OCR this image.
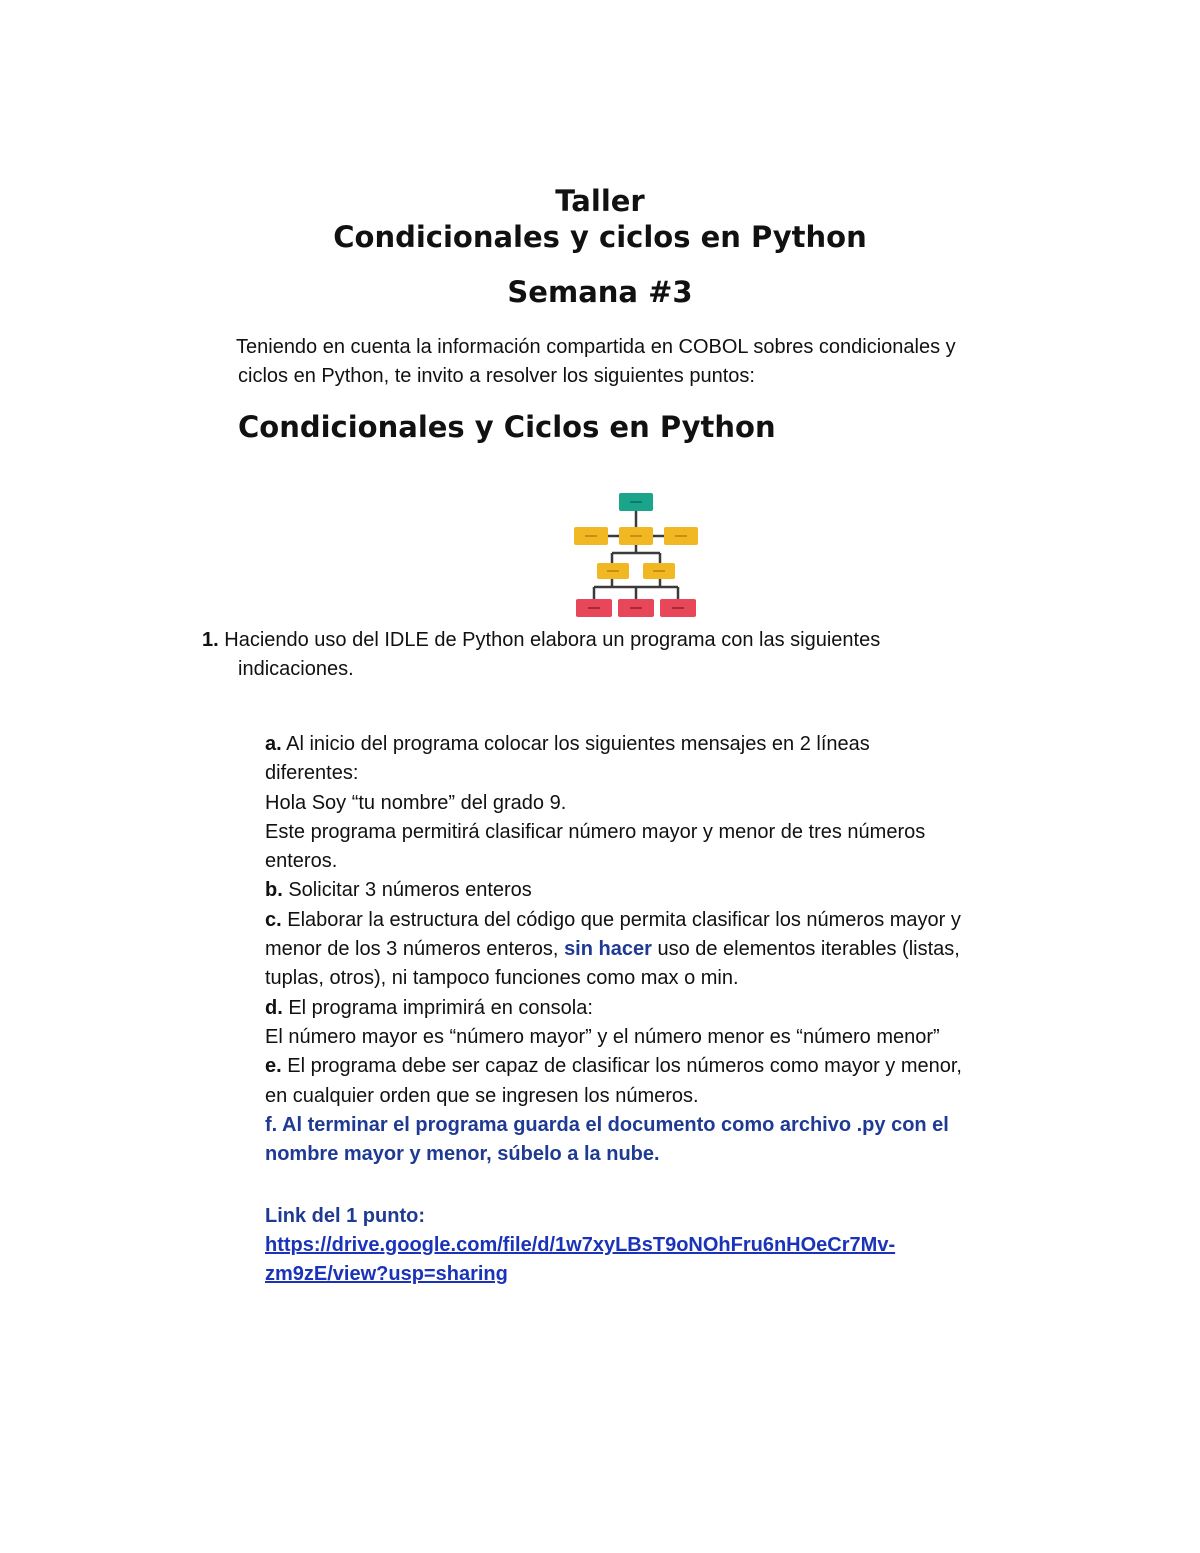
Taller
Condicionales y ciclos en Python
Semana #3
Teniendo en cuenta la información compartida en COBOL sobres condicionales y
ciclos en Python, te invito a resolver los siguientes puntos:
Condicionales y Ciclos en Python
1. Haciendo uso del IDLE de Python elabora un programa con las siguientes
indicaciones.
a. Al inicio del programa colocar los siguientes mensajes en 2 líneas
diferentes:
Hola Soy “tu nombre” del grado 9.
Este programa permitirá clasificar número mayor y menor de tres números
enteros.
b. Solicitar 3 números enteros
c. Elaborar la estructura del código que permita clasificar los números mayor y
menor de los 3 números enteros, sin hacer uso de elementos iterables (listas,
tuplas, otros), ni tampoco funciones como max o min.
d. El programa imprimirá en consola:
El número mayor es “número mayor” y el número menor es “número menor”
e. El programa debe ser capaz de clasificar los números como mayor y menor,
en cualquier orden que se ingresen los números.
f. Al terminar el programa guarda el documento como archivo .py con el
nombre mayor y menor, súbelo a la nube.
Link del 1 punto:
https://drive.google.com/file/d/1w7xyLBsT9oNOhFru6nHOeCr7Mv-
zm9zE/view?usp=sharing
